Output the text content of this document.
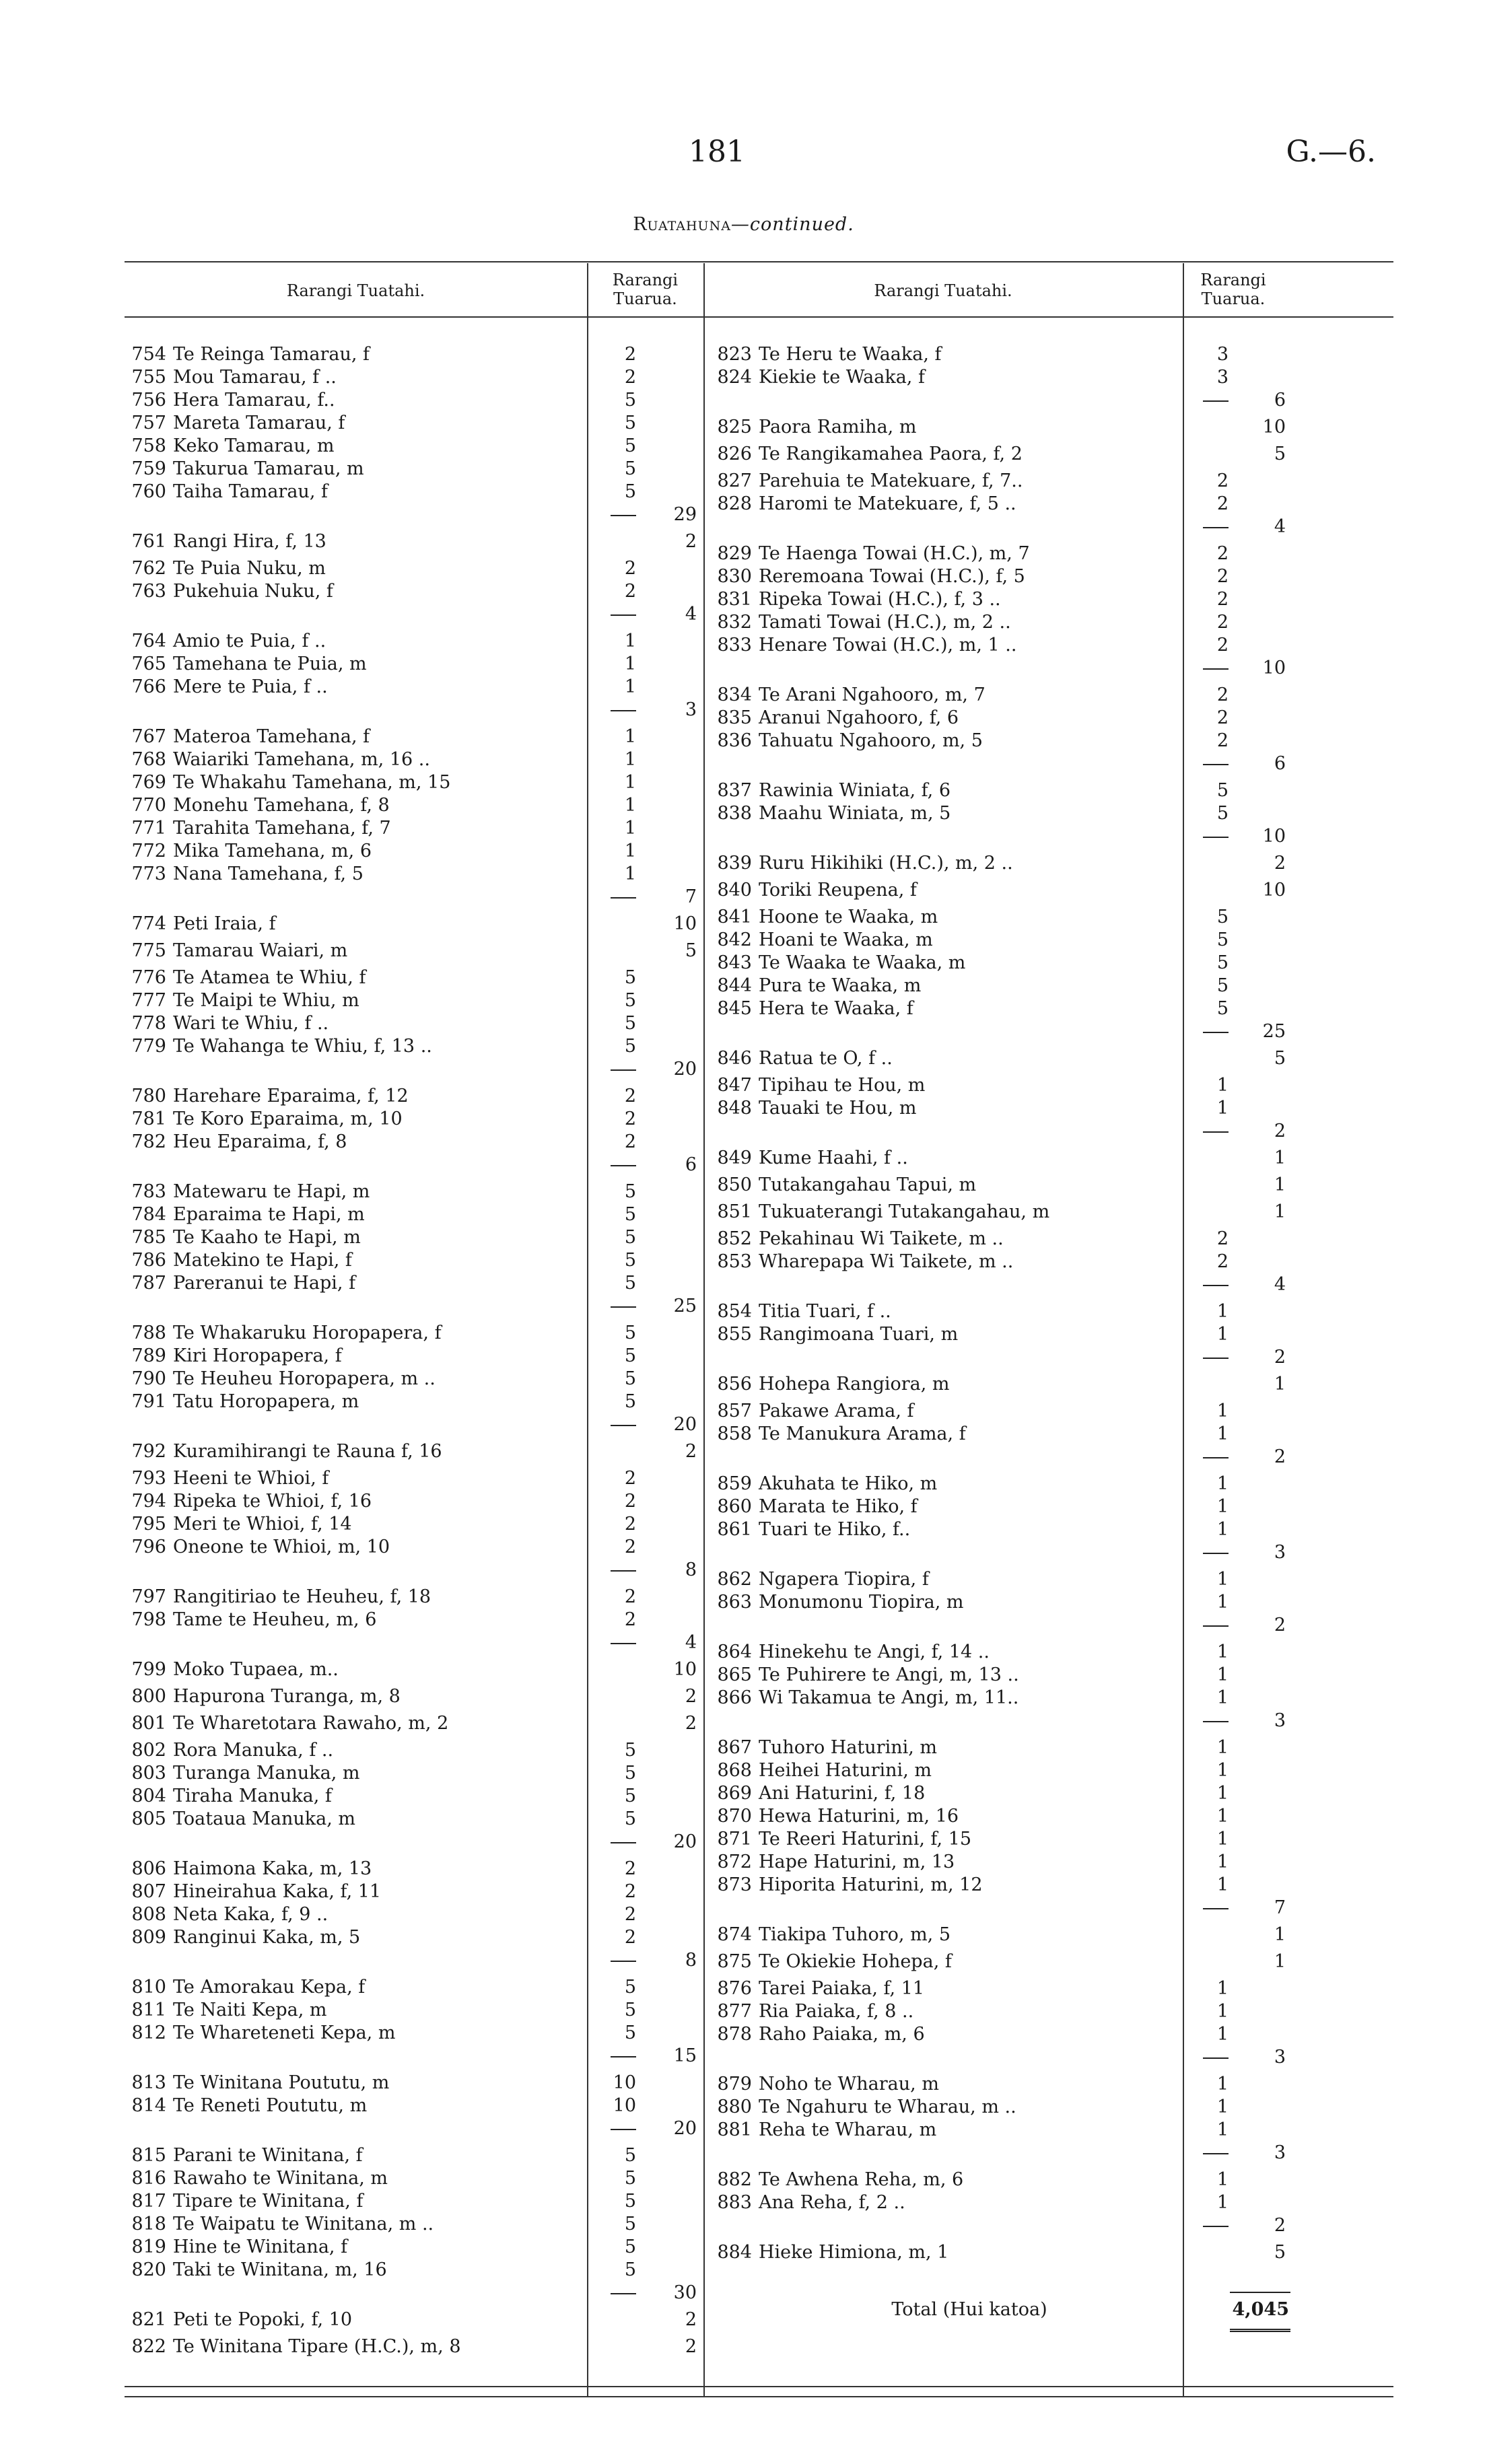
181	G.—6.
Ruatahuna—continued.
Rarangi Tuatahi.
Rarangi
Tuarua.	Rarangi Tuatahi.
Rarangi
Tuarua.
754 Te Reinga Tamarau, f	2
755 Mou Tamarau, f ..	2
756 Hera Tamarau, f..	5
757 Mareta Tamarau, f	5
758 Keko Tamarau, m	5
759 Takurua Tamarau, m	5
760 Taiha Tamarau, f	5
29
761 Rangi Hira, f, 13	2
762 Te Puia Nuku, m	2
763 Pukehuia Nuku, f	2
4
764 Amio te Puia, f ..	1
765 Tamehana te Puia, m	1
766 Mere te Puia, f ..	1
3
767 Materoa Tamehana, f	1
768 Waiariki Tamehana, m, 16 ..	1
769 Te Whakahu Tamehana, m, 15	1
770 Monehu Tamehana, f, 8	1
771 Tarahita Tamehana, f, 7	1
772 Mika Tamehana, m, 6	1
773 Nana Tamehana, f, 5	1
7
774 Peti Iraia, f	10
775 Tamarau Waiari, m	5
776 Te Atamea te Whiu, f	5
777 Te Maipi te Whiu, m	5
778 Wari te Whiu, f ..	5
779 Te Wahanga te Whiu, f, 13 ..	5
20
780 Harehare Eparaima, f, 12	2
781 Te Koro Eparaima, m, 10	2
782 Heu Eparaima, f, 8	2
6
783 Matewaru te Hapi, m	5
784 Eparaima te Hapi, m	5
785 Te Kaaho te Hapi, m	5
786 Matekino te Hapi, f	5
787 Pareranui te Hapi, f	5
25
788 Te Whakaruku Horopapera, f	5
789 Kiri Horopapera, f	5
790 Te Heuheu Horopapera, m ..	5
791 Tatu Horopapera, m	5
20
792 Kuramihirangi te Rauna f, 16	2
793 Heeni te Whioi, f	2
794 Ripeka te Whioi, f, 16	2
795 Meri te Whioi, f, 14	2
796 Oneone te Whioi, m, 10	2
8
797 Rangitiriao te Heuheu, f, 18	2
798 Tame te Heuheu, m, 6	2
4
799 Moko Tupaea, m..	10
800 Hapurona Turanga, m, 8	2
801 Te Wharetotara Rawaho, m, 2	2
802 Rora Manuka, f ..	5
803 Turanga Manuka, m	5
804 Tiraha Manuka, f	5
805 Toataua Manuka, m	5
20
806 Haimona Kaka, m, 13	2
807 Hineirahua Kaka, f, 11	2
808 Neta Kaka, f, 9 ..	2
809 Ranginui Kaka, m, 5	2
8
810 Te Amorakau Kepa, f	5
811 Te Naiti Kepa, m	5
812 Te Whareteneti Kepa, m	5
15
813 Te Winitana Poututu, m	10
814 Te Reneti Poututu, m	10
20
815 Parani te Winitana, f	5
816 Rawaho te Winitana, m	5
817 Tipare te Winitana, f	5
818 Te Waipatu te Winitana, m ..	5
819 Hine te Winitana, f	5
820 Taki te Winitana, m, 16	5
30
821 Peti te Popoki, f, 10	2
822 Te Winitana Tipare (H.C.), m, 8	2
823 Te Heru te Waaka, f	3
824 Kiekie te Waaka, f	3
6
825 Paora Ramiha, m	10
826 Te Rangikamahea Paora, f, 2	5
827 Parehuia te Matekuare, f, 7..	2
828 Haromi te Matekuare, f, 5 ..	2
4
829 Te Haenga Towai (H.C.), m, 7	2
830 Reremoana Towai (H.C.), f, 5	2
831 Ripeka Towai (H.C.), f, 3 ..	2
832 Tamati Towai (H.C.), m, 2 ..	2
833 Henare Towai (H.C.), m, 1 ..	2
10
834 Te Arani Ngahooro, m, 7	2
835 Aranui Ngahooro, f, 6	2
836 Tahuatu Ngahooro, m, 5	2
6
837 Rawinia Winiata, f, 6	5
838 Maahu Winiata, m, 5	5
10
839 Ruru Hikihiki (H.C.), m, 2 ..	2
840 Toriki Reupena, f	10
841 Hoone te Waaka, m	5
842 Hoani te Waaka, m	5
843 Te Waaka te Waaka, m	5
844 Pura te Waaka, m	5
845 Hera te Waaka, f	5
25
846 Ratua te O, f ..	5
847 Tipihau te Hou, m	1
848 Tauaki te Hou, m	1
2
849 Kume Haahi, f ..	1
850 Tutakangahau Tapui, m	1
851 Tukuaterangi Tutakangahau, m	1
852 Pekahinau Wi Taikete, m ..	2
853 Wharepapa Wi Taikete, m ..	2
4
854 Titia Tuari, f ..	1
855 Rangimoana Tuari, m	1
2
856 Hohepa Rangiora, m	1
857 Pakawe Arama, f	1
858 Te Manukura Arama, f	1
2
859 Akuhata te Hiko, m	1
860 Marata te Hiko, f	1
861 Tuari te Hiko, f..	1
3
862 Ngapera Tiopira, f	1
863 Monumonu Tiopira, m	1
2
864 Hinekehu te Angi, f, 14 ..	1
865 Te Puhirere te Angi, m, 13 ..	1
866 Wi Takamua te Angi, m, 11..	1
3
867 Tuhoro Haturini, m	1
868 Heihei Haturini, m	1
869 Ani Haturini, f, 18	1
870 Hewa Haturini, m, 16	1
871 Te Reeri Haturini, f, 15	1
872 Hape Haturini, m, 13	1
873 Hiporita Haturini, m, 12	1
7
874 Tiakipa Tuhoro, m, 5	1
875 Te Okiekie Hohepa, f	1
876 Tarei Paiaka, f, 11	1
877 Ria Paiaka, f, 8 ..	1
878 Raho Paiaka, m, 6	1
3
879 Noho te Wharau, m	1
880 Te Ngahuru te Wharau, m ..	1
881 Reha te Wharau, m	1
3
882 Te Awhena Reha, m, 6	1
883 Ana Reha, f, 2 ..	1
2
884 Hieke Himiona, m, 1	5
Total (Hui katoa)	4,045
